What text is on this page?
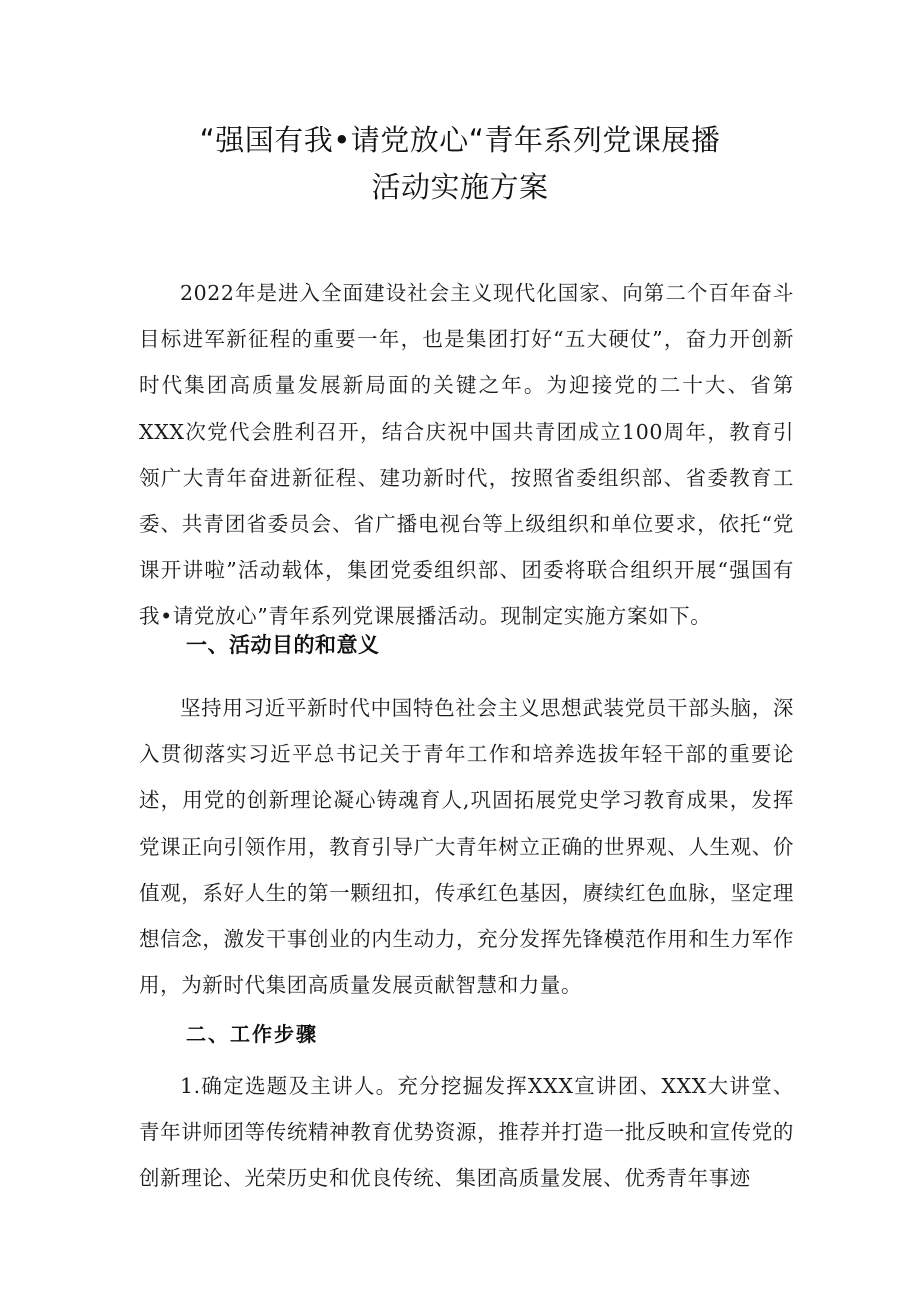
“强国有我•请党放心“青年系列党课展播
活动实施方案

2022年是进入全面建设社会主义现代化国家、向第二个百年奋斗目标进军新征程的重要一年，也是集团打好“五大硬仗”，奋力开创新时代集团高质量发展新局面的关键之年。为迎接党的二十大、省第XXX次党代会胜利召开，结合庆祝中国共青团成立100周年，教育引领广大青年奋进新征程、建功新时代，按照省委组织部、省委教育工委、共青团省委员会、省广播电视台等上级组织和单位要求，依托“党课开讲啦”活动载体，集团党委组织部、团委将联合组织开展“强国有我•请党放心”青年系列党课展播活动。现制定实施方案如下。

一、活动目的和意义

坚持用习近平新时代中国特色社会主义思想武装党员干部头脑，深入贯彻落实习近平总书记关于青年工作和培养选拔年轻干部的重要论述，用党的创新理论凝心铸魂育人,巩固拓展党史学习教育成果，发挥党课正向引领作用，教育引导广大青年树立正确的世界观、人生观、价值观，系好人生的第一颗纽扣，传承红色基因，赓续红色血脉，坚定理想信念，激发干事创业的内生动力，充分发挥先锋模范作用和生力军作用，为新时代集团高质量发展贡献智慧和力量。

二、工作步骤

1.确定选题及主讲人。充分挖掘发挥XXX宣讲团、XXX大讲堂、青年讲师团等传统精神教育优势资源，推荐并打造一批反映和宣传党的创新理论、光荣历史和优良传统、集团高质量发展、优秀青年事迹
